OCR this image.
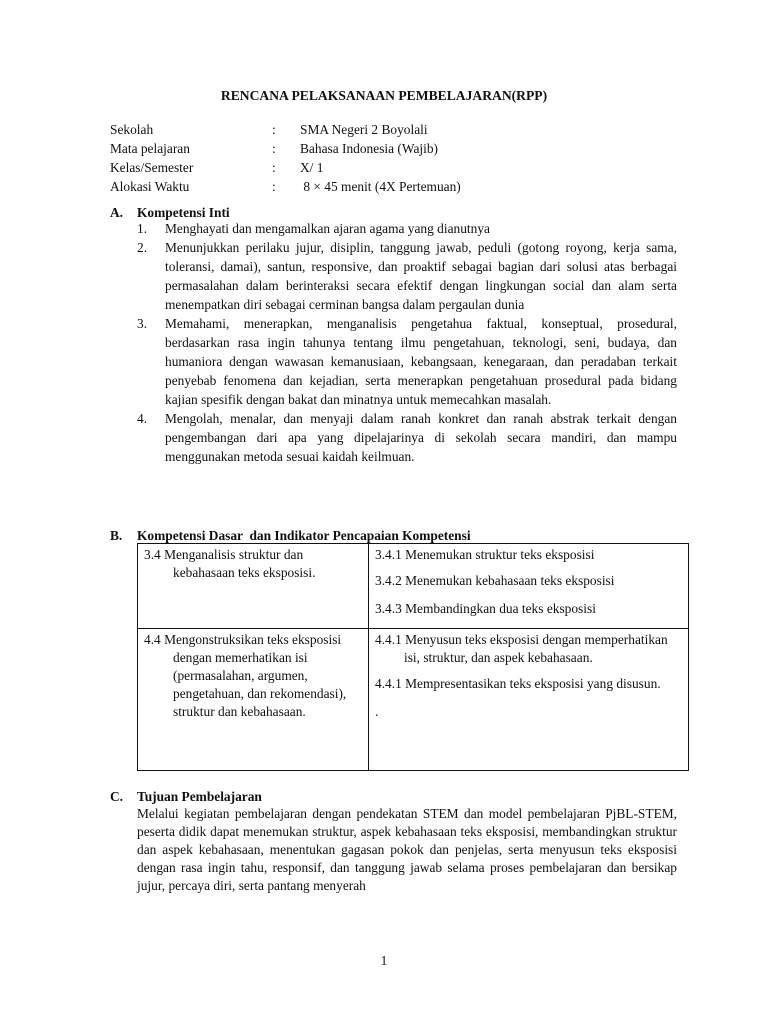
RENCANA PELAKSANAAN PEMBELAJARAN(RPP)
Sekolah	: SMA Negeri 2 Boyolali
Mata pelajaran	: Bahasa Indonesia (Wajib)
Kelas/Semester	: X/ 1
Alokasi Waktu	: 8 × 45 menit (4X Pertemuan)
A. Kompetensi Inti
1. Menghayati dan mengamalkan ajaran agama yang dianutnya
2. Menunjukkan perilaku jujur, disiplin, tanggung jawab, peduli (gotong royong, kerja sama, toleransi, damai), santun, responsive, dan proaktif sebagai bagian dari solusi atas berbagai permasalahan dalam berinteraksi secara efektif dengan lingkungan social dan alam serta menempatkan diri sebagai cerminan bangsa dalam pergaulan dunia
3. Memahami, menerapkan, menganalisis pengetahua faktual, konseptual, prosedural, berdasarkan rasa ingin tahunya tentang ilmu pengetahuan, teknologi, seni, budaya, dan humaniora dengan wawasan kemanusiaan, kebangsaan, kenegaraan, dan peradaban terkait penyebab fenomena dan kejadian, serta menerapkan pengetahuan prosedural pada bidang kajian spesifik dengan bakat dan minatnya untuk memecahkan masalah.
4. Mengolah, menalar, dan menyaji dalam ranah konkret dan ranah abstrak terkait dengan pengembangan dari apa yang dipelajarinya di sekolah secara mandiri, dan mampu menggunakan metoda sesuai kaidah keilmuan.
B. Kompetensi Dasar  dan Indikator Pencapaian Kompetensi
3.4 Menganalisis struktur dan kebahasaan teks eksposisi.	3.4.1 Menemukan struktur teks eksposisi
3.4.2 Menemukan kebahasaan teks eksposisi
3.4.3 Membandingkan dua teks eksposisi

4.4 Mengonstruksikan teks eksposisi dengan memerhatikan isi (permasalahan, argumen, pengetahuan, dan rekomendasi), struktur dan kebahasaan.	4.4.1 Menyusun teks eksposisi dengan memperhatikan isi, struktur, dan aspek kebahasaan.
4.4.1 Mempresentasikan teks eksposisi yang disusun.
.
C. Tujuan Pembelajaran
Melalui kegiatan pembelajaran dengan pendekatan STEM dan model pembelajaran PjBL-STEM, peserta didik dapat menemukan struktur, aspek kebahasaan teks eksposisi, membandingkan struktur dan aspek kebahasaan, menentukan gagasan pokok dan penjelas, serta menyusun teks eksposisi dengan rasa ingin tahu, responsif, dan tanggung jawab selama proses pembelajaran dan bersikap jujur, percaya diri, serta pantang menyerah
1
